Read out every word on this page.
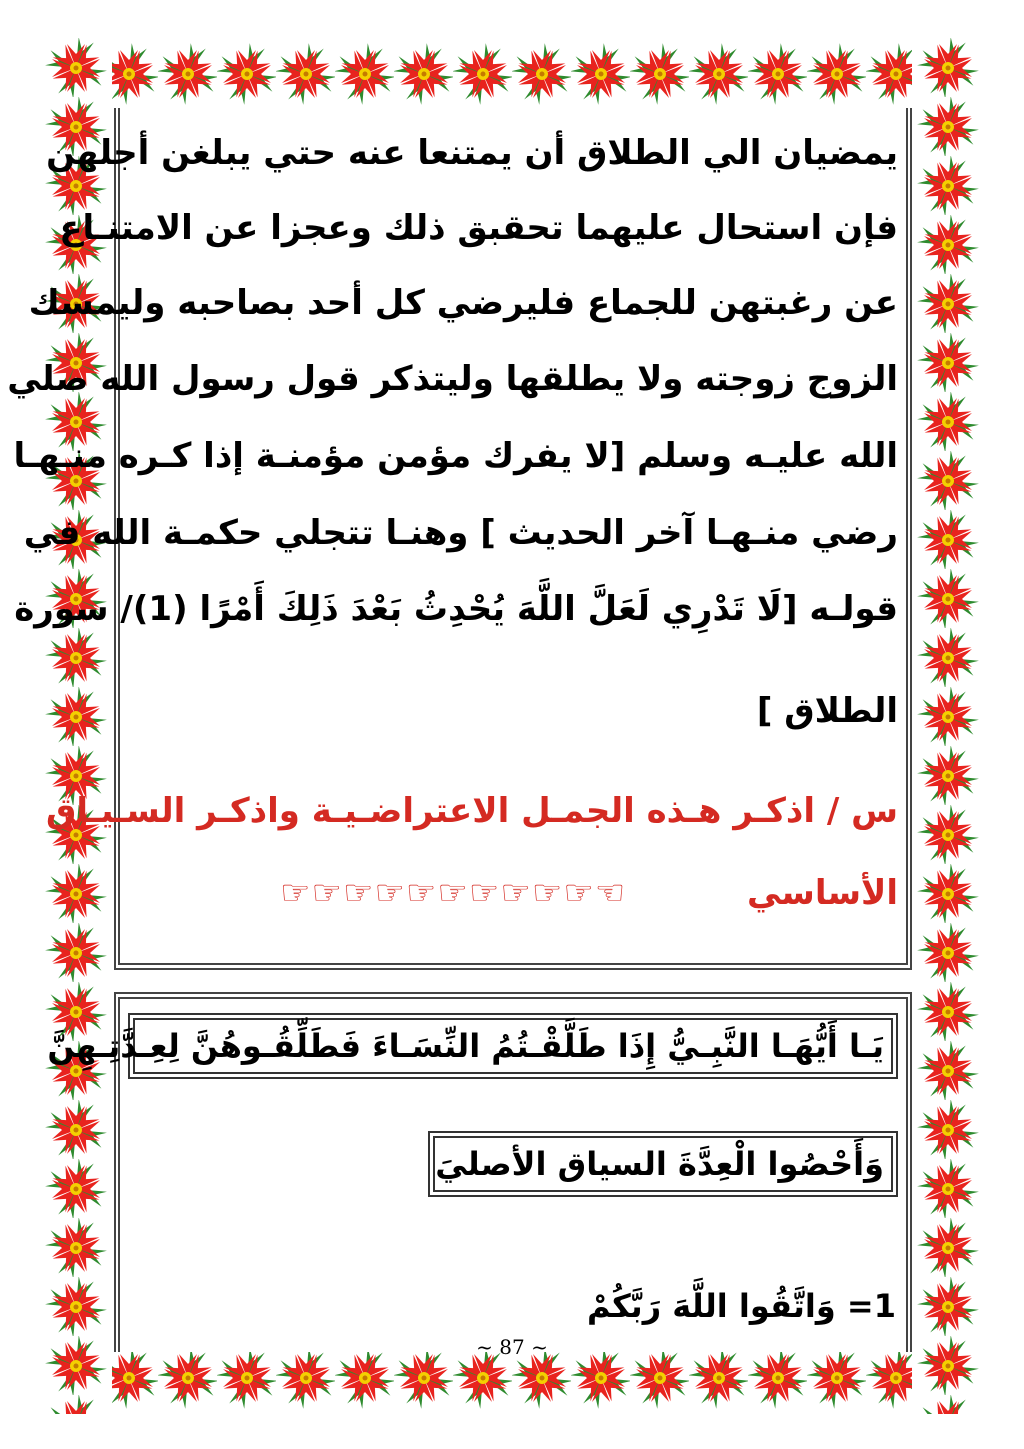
يمضيان الي الطلاق أن يمتنعا عنه حتي يبلغن أجلهن
فإن استحال عليهما تحقبق ذلك وعجزا عن الامتنـاع
عن رغبتهن للجماع فليرضي كل أحد بصاحبه وليمسك
الزوج زوجته ولا يطلقها وليتذكر قول رسول الله صلي
الله عليـه وسلم [لا يفرك مؤمن مؤمنـة إذا كـره منـهـا
رضي منـهـا آخر الحديث ] وهنـا تتجلي حكمـة الله في
قولـه [لَا تَدْرِي لَعَلَّ اللَّهَ يُحْدِثُ بَعْدَ ذَلِكَ أَمْرًا (1)/ سورة
الطلاق ]
س / اذكـر هـذه الجمـل الاعتراضـيـة واذكـر السـيـاق
الأساسي
☞☞☞☞☞☞☞☞☞☞☜
يَـا أَيُّهَـا النَّبِـيُّ إِذَا طَلَّقْـتُمُ النِّسَـاءَ فَطَلِّقُـوهُنَّ لِعِـدَّتِـهِنَّ
وَأَحْصُوا الْعِدَّةَ السياق الأصليَ
1= وَاتَّقُوا اللَّهَ رَبَّكُمْ
~ 87 ~
